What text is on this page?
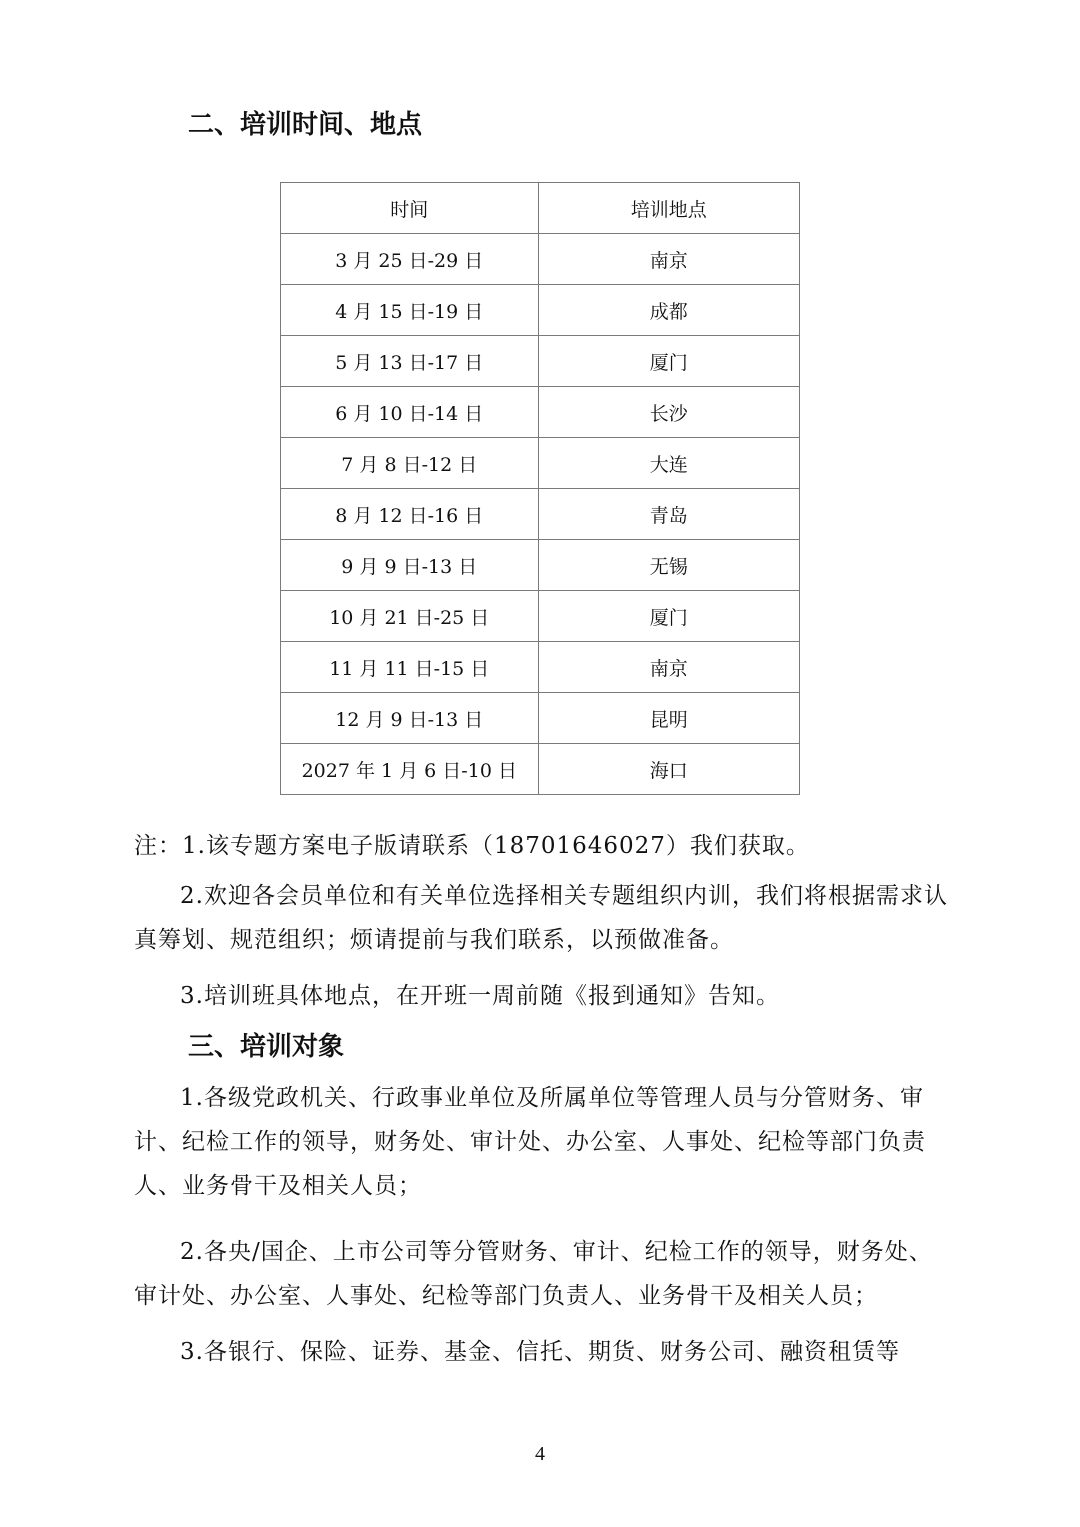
二、培训时间、地点
时间	培训地点
3 月 25 日-29 日	南京
4 月 15 日-19 日	成都
5 月 13 日-17 日	厦门
6 月 10 日-14 日	长沙
7 月 8 日-12 日	大连
8 月 12 日-16 日	青岛
9 月 9 日-13 日	无锡
10 月 21 日-25 日	厦门
11 月 11 日-15 日	南京
12 月 9 日-13 日	昆明
2027 年 1 月 6 日-10 日	海口

注：1.该专题方案电子版请联系（18701646027）我们获取。

2.欢迎各会员单位和有关单位选择相关专题组织内训，我们将根据需求认真筹划、规范组织；烦请提前与我们联系，以预做准备。

3.培训班具体地点，在开班一周前随《报到通知》告知。

三、培训对象

1.各级党政机关、行政事业单位及所属单位等管理人员与分管财务、审计、纪检工作的领导，财务处、审计处、办公室、人事处、纪检等部门负责人、业务骨干及相关人员；

2.各央/国企、上市公司等分管财务、审计、纪检工作的领导，财务处、审计处、办公室、人事处、纪检等部门负责人、业务骨干及相关人员；

3.各银行、保险、证券、基金、信托、期货、财务公司、融资租赁等

4
